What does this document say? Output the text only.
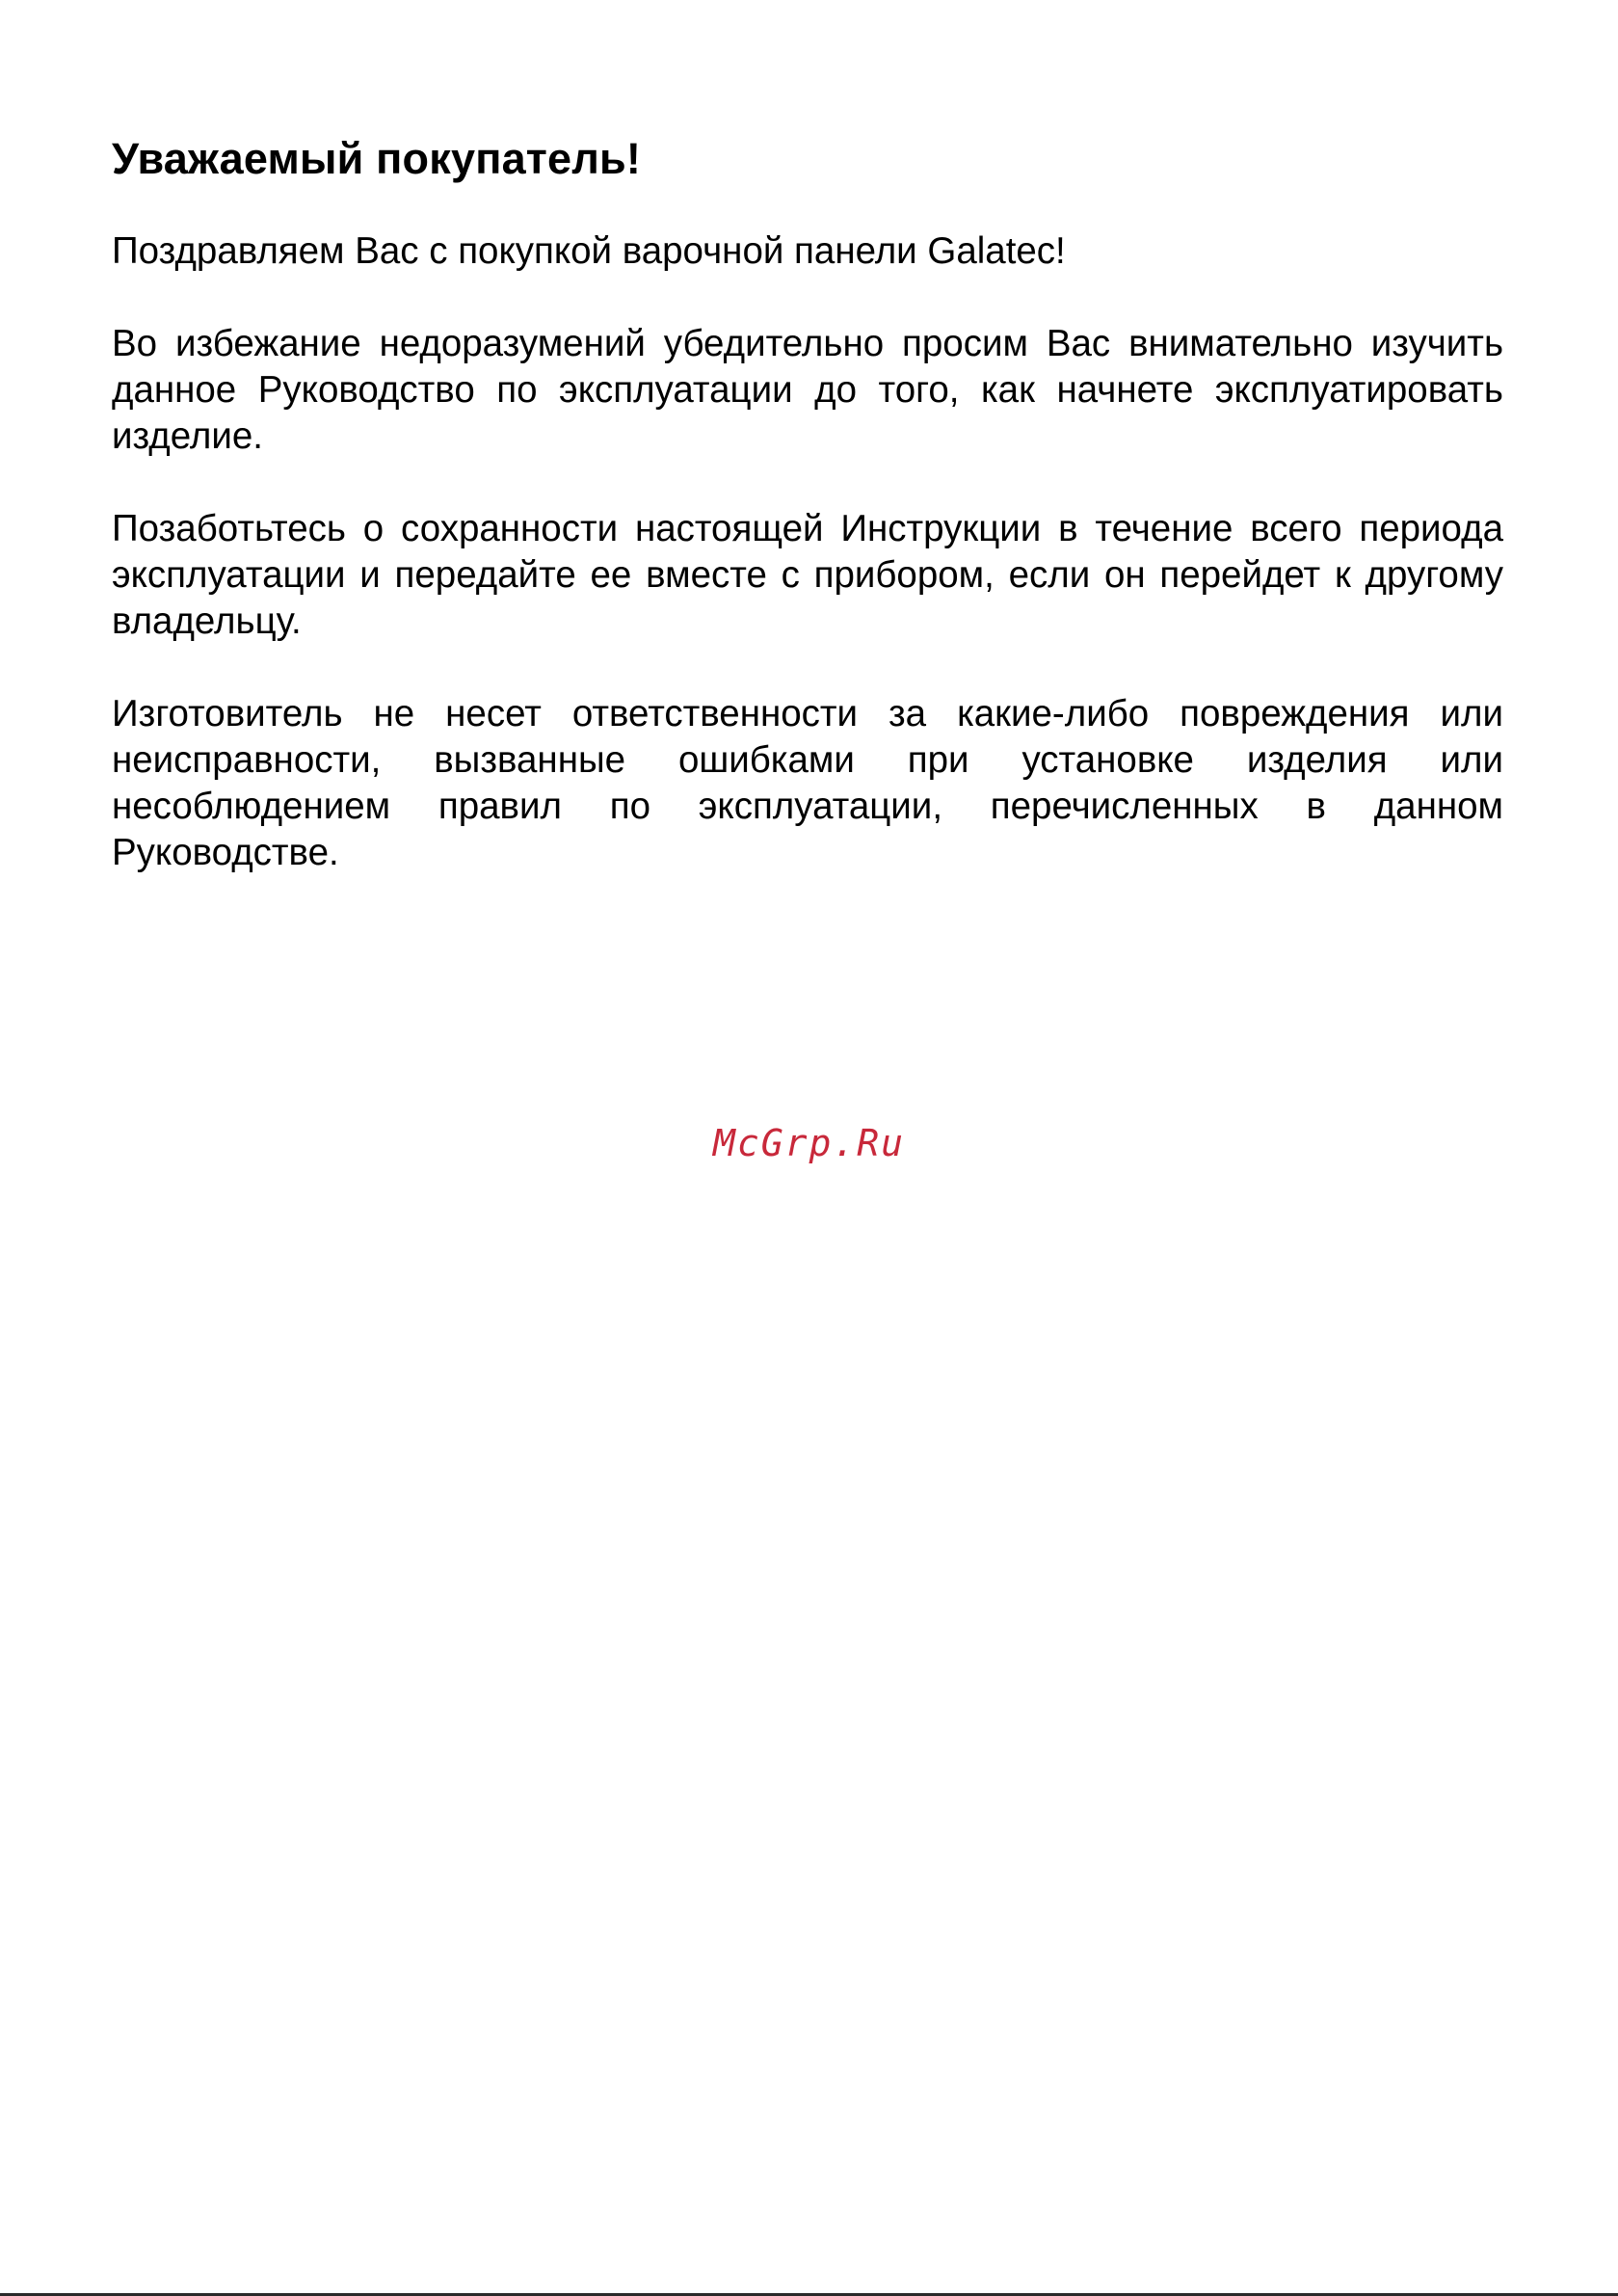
Уважаемый покупатель!

Поздравляем Вас с покупкой варочной панели Galatec!

Во избежание недоразумений убедительно просим Вас внимательно изучить данное Руководство по эксплуатации до того, как начнете эксплуатировать изделие.

Позаботьтесь о сохранности настоящей Инструкции в течение всего периода эксплуатации и передайте ее вместе с прибором, если он перейдет к другому владельцу.

Изготовитель не несет ответственности за какие-либо повреждения или неисправности, вызванные ошибками при установке изделия или несоблюдением правил по эксплуатации, перечисленных в данном Руководстве.

McGrp.Ru
